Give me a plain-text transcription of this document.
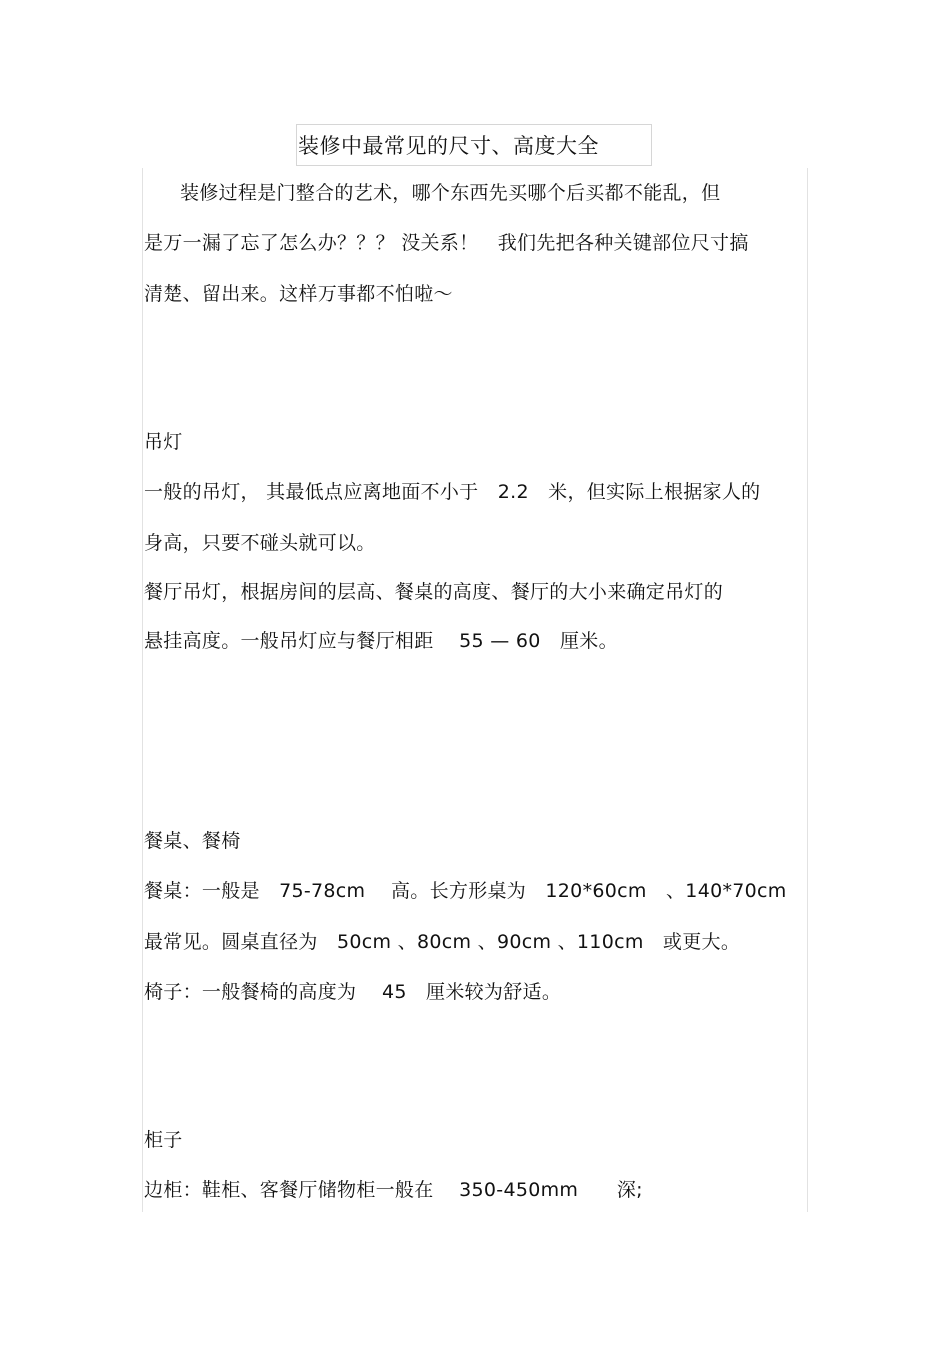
装修中最常见的尺寸、高度大全
装修过程是门整合的艺术，哪个东西先买哪个后买都不能乱，但
是万一漏了忘了怎么办？？？ 没关系！　我们先把各种关键部位尺寸搞
清楚、留出来。这样万事都不怕啦～
吊灯
一般的吊灯， 其最低点应离地面不小于　2.2　米，但实际上根据家人的
身高，只要不碰头就可以。
餐厅吊灯，根据房间的层高、餐桌的高度、餐厅的大小来确定吊灯的
悬挂高度。一般吊灯应与餐厅相距　 55 — 60　厘米。
餐桌、餐椅
餐桌：一般是　75-78cm　 高。长方形桌为　120*60cm　、140*70cm
最常见。圆桌直径为　50cm 、80cm 、90cm 、110cm　或更大。
椅子：一般餐椅的高度为　 45　厘米较为舒适。
柜子
边柜：鞋柜、客餐厅储物柜一般在　 350-450mm　　深;
